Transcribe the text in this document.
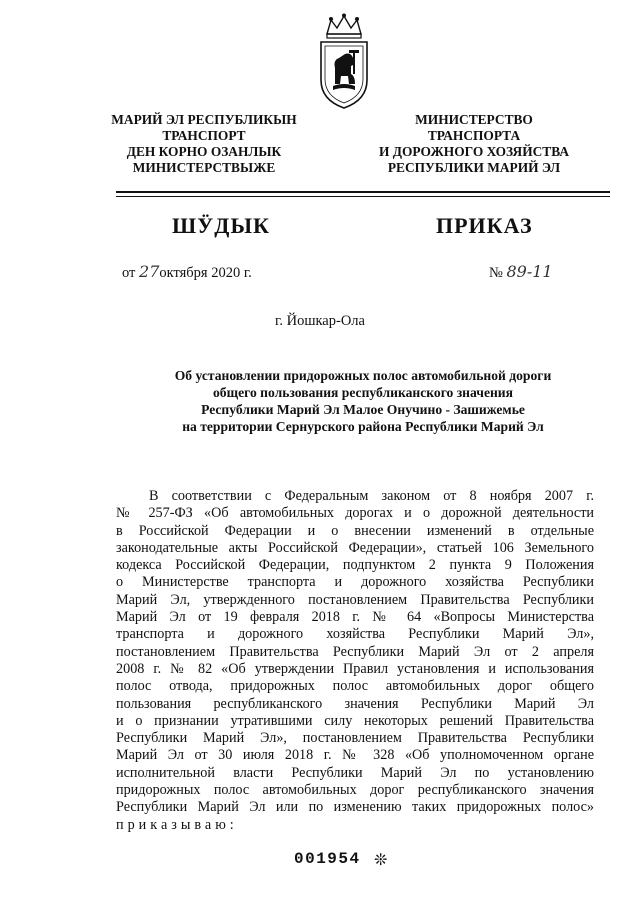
МАРИЙ ЭЛ РЕСПУБЛИКЫН
ТРАНСПОРТ
ДЕН КОРНО ОЗАНЛЫК
МИНИСТЕРСТВЫЖЕ
МИНИСТЕРСТВО
ТРАНСПОРТА
И ДОРОЖНОГО ХОЗЯЙСТВА
РЕСПУБЛИКИ МАРИЙ ЭЛ
ШӰДЫК	ПРИКАЗ
от 27октября 2020 г.	№ 89-11
г. Йошкар-Ола
Об установлении придорожных полос автомобильной дороги
общего пользования республиканского значения
Республики Марий Эл Малое Онучино - Зашижемье
на территории Сернурского района Республики Марий Эл
В соответствии с Федеральным законом от 8 ноября 2007 г.
№ 257-ФЗ «Об автомобильных дорогах и о дорожной деятельности
в Российской Федерации и о внесении изменений в отдельные
законодательные акты Российской Федерации», статьей 106 Земельного
кодекса Российской Федерации, подпунктом 2 пункта 9 Положения
о Министерстве транспорта и дорожного хозяйства Республики
Марий Эл, утвержденного постановлением Правительства Республики
Марий Эл от 19 февраля 2018 г. № 64 «Вопросы Министерства
транспорта и дорожного хозяйства Республики Марий Эл»,
постановлением Правительства Республики Марий Эл от 2 апреля
2008 г. № 82 «Об утверждении Правил установления и использования
полос отвода, придорожных полос автомобильных дорог общего
пользования республиканского значения Республики Марий Эл
и о признании утратившими силу некоторых решений Правительства
Республики Марий Эл», постановлением Правительства Республики
Марий Эл от 30 июля 2018 г. № 328 «Об уполномоченном органе
исполнительной власти Республики Марий Эл по установлению
придорожных полос автомобильных дорог республиканского значения
Республики Марий Эл или по изменению таких придорожных полос»
приказываю:
001954 ❊
